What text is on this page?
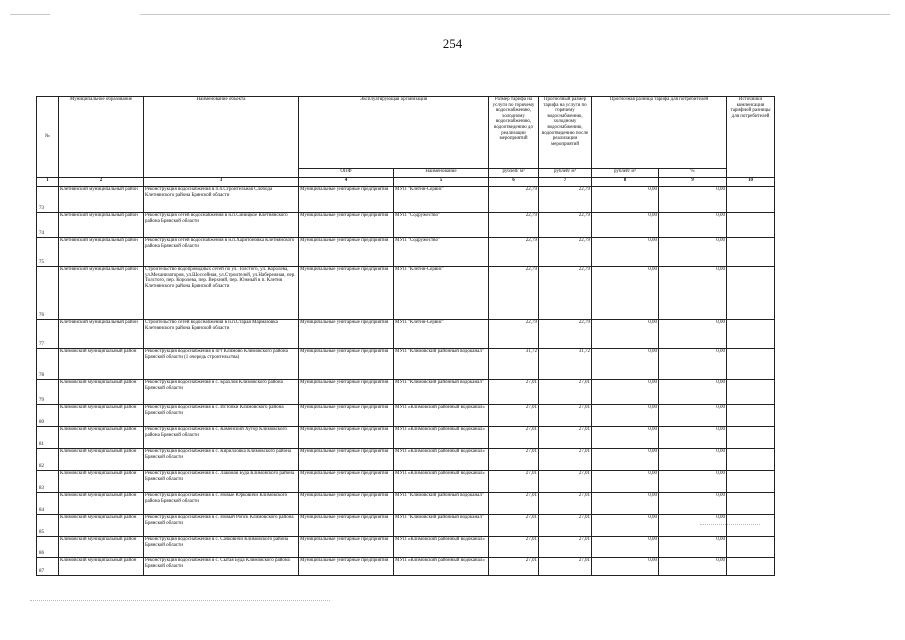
254
№	Муниципальное образование	Наименование объекта	Эксплуатирующая организация		Размер тарифа на услуги по горячему водоснабжению, холодному водоснабжению, водоотведению до реализации мероприятий	Прогнозный размер тарифа на услуги по горячему водоснабжению, холодному водоснабжению, водоотведению после реализации мероприятий	Прогнозная разница тарифа для потребителей		Источники компенсации тарифной разницы для потребителей
			ОПФ	Наименование	рублей/ м³	рублей/ м³	рублей/ м³	%	
1	2	3	4	5	6	7	8	9	10
73	Клетнянский муниципальный район	Реконструкция водоснабжения в п.п.Строительная Слобода Клетнянского района Брянской области	Муниципальные унитарные предприятия	МУП "Клетня-Сервис"	22,79	22,79	0,00	0,00	
74	Клетнянский муниципальный район	Реконструкция сетей водоснабжения в н.п.Синицкое Клетнянского района Брянской области	Муниципальные унитарные предприятия	МУП "Содружество"	22,79	22,79	0,00	0,00	
75	Клетнянский муниципальный район	Реконструкция сетей водоснабжения в н.п.Харитоновка Клетнянского района Брянской области	Муниципальные унитарные предприятия	МУП "Содружество"	22,79	22,79	0,00	0,00	
76	Клетнянский муниципальный район	Строительство водопроводных сетей по ул. Толстого, ул. Королева, ул.Механизаторов, ул.Шоссейная, ул.Строителей, ул.Набережная, пер. Толстого, пер. Королева, пер. Верхний, пер. Южный в п. Клетня Клетнянского района Брянской области	Муниципальные унитарные предприятия	МУП "Клетня-Сервис"	22,79	22,79	0,00	0,00	
77	Клетнянский муниципальный район	Строительство сетей водоснабжения в н.п.Старая Мармазовка Клетнянского района Брянской области	Муниципальные унитарные предприятия	МУП "Клетня-Сервис"	22,79	22,79	0,00	0,00	
78	Климовский муниципальный район	Реконструкция водоснабжения в пгт Климово Климовского района Брянской области (1 очередь строительства)	Муниципальные унитарные предприятия	МУП "Климовский районный водоканал"	31,72	31,72	0,00	0,00	
79	Климовский муниципальный район	Реконструкция водоснабжения в с. Брахлов Климовского района Брянской области	Муниципальные унитарные предприятия	МУП "Климовский районный водоканал"	27,01	27,01	0,00	0,00	
80	Климовский муниципальный район	Реконструкция водоснабжения в с. Истопки Климовского района Брянской области	Муниципальные унитарные предприятия	МУП «Климовский районный водоканал»	27,01	27,01	0,00	0,00	
81	Климовский муниципальный район	Реконструкция водоснабжения в с. Каменский Хутор Климовского района Брянской области	Муниципальные унитарные предприятия	МУП «Климовский районный водоканал»	27,01	27,01	0,00	0,00	
82	Климовский муниципальный район	Реконструкция водоснабжения в с. Кирилловка Климовского района Брянской области	Муниципальные унитарные предприятия	МУП «Климовский районный водоканал»	27,01	27,01	0,00	0,00	
83	Климовский муниципальный район	Реконструкция водоснабжения в с. Лакомая Буда Климовского района Брянской области	Муниципальные унитарные предприятия	МУП «Климовский районный водоканал»	27,01	27,01	0,00	0,00	
84	Климовский муниципальный район	Реконструкция водоснабжения в с. Новые Юрковичи Климовского района Брянской области	Муниципальные унитарные предприятия	МУП "Климовский районный водоканал"	27,01	27,01	0,00	0,00	
85	Климовский муниципальный район	Реконструкция водоснабжения в с. Новый Ропск Климовского района Брянской области	Муниципальные унитарные предприятия	МУП "Климовский районный водоканал"	27,01	27,01	0,00	0,00	
86	Климовский муниципальный район	Реконструкция водоснабжения в с. Сачковичи Климовского района Брянской области	Муниципальные унитарные предприятия	МУП «Климовский районный водоканал»	27,01	27,01	0,00	0,00	
87	Климовский муниципальный район	Реконструкция водоснабжения в с. Сытая Буда Климовского района Брянской области	Муниципальные унитарные предприятия	МУП «Климовский районный водоканал»	27,01	27,01	0,00	0,00	
